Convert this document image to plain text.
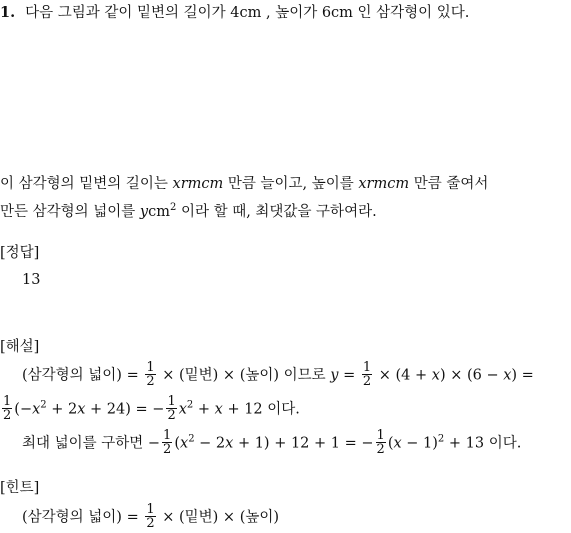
1. 다음 그림과 같이 밑변의 길이가 4cm , 높이가 6cm 인 삼각형이 있다.
이 삼각형의 밑변의 길이는 xrmcm 만큼 늘이고, 높이를 xrmcm 만큼 줄여서
만든 삼각형의 넓이를 ycm$^2$ 이라 할 때, 최댓값을 구하여라.
[정답]
13
[해설]
(삼각형의 넓이) = $\frac{1}{2}$ × (밑변) × (높이) 이므로 $y = \frac{1}{2} \times (4 + x) \times (6 - x)$ =
$\frac{1}{2} (-x^2 + 2x + 24)$ = − $\frac{1}{2} x^2 + x + 12$ 이다.
최대 넓이를 구하면 − $\frac{1}{2} (x^2 - 2x + 1) + 12 + 1$ = − $\frac{1}{2} (x - 1)^2 + 13$ 이다.
[힌트]
(삼각형의 넓이) = $\frac{1}{2}$ × (밑변) × (높이)
